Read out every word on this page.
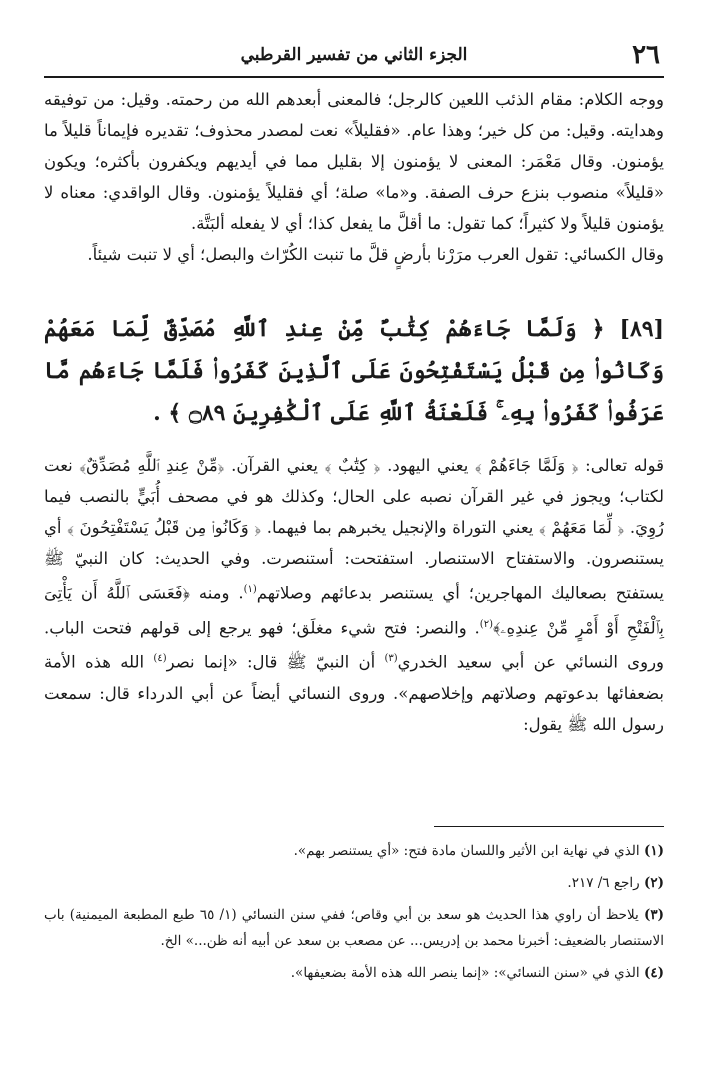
٢٦
الجزء الثاني من تفسير القرطبي

ووجه الكلام: مقام الذئب اللعين كالرجل؛ فالمعنى أبعدهم الله من رحمته. وقيل: من توفيقه وهدايته. وقيل: من كل خير؛ وهذا عام. «فقليلاً» نعت لمصدر محذوف؛ تقديره فإيماناً قليلاً ما يؤمنون. وقال مَعْمَر: المعنى لا يؤمنون إلا بقليل مما في أيديهم ويكفرون بأكثره؛ ويكون «قليلاً» منصوب بنزع حرف الصفة. و«ما» صلة؛ أي فقليلاً يؤمنون. وقال الواقدي: معناه لا يؤمنون قليلاً ولا كثيراً؛ كما تقول: ما أقلَّ ما يفعل كذا؛ أي لا يفعله ألبَتَّة.

وقال الكسائي: تقول العرب مرَرْنا بأرضٍ قلَّ ما تنبت الكُرّاث والبصل؛ أي لا تنبت شيئاً.

[٨٩] ﴿ وَلَمَّا جَاءَهُمْ كِتَٰبٌ مِّنْ عِندِ ٱللَّهِ مُصَدِّقٌ لِّمَا مَعَهُمْ وَكَانُوا۟ مِن قَبْلُ يَسْتَفْتِحُونَ عَلَى ٱلَّذِينَ كَفَرُوا۟ فَلَمَّا جَاءَهُم مَّا عَرَفُوا۟ كَفَرُوا۟ بِهِۦ ۚ فَلَعْنَةُ ٱللَّهِ عَلَى ٱلْكَٰفِرِينَ ۝٨٩ ﴾ .

قوله تعالى: ﴿ وَلَمَّا جَاءَهُمْ ﴾ يعني اليهود. ﴿ كِتَٰبٌ ﴾ يعني القرآن. ﴿مِّنْ عِندِ ٱللَّهِ مُصَدِّقٌ﴾ نعت لكتاب؛ ويجوز في غير القرآن نصبه على الحال؛ وكذلك هو في مصحف أُبَيٍّ بالنصب فيما رُوِيَ. ﴿ لِّمَا مَعَهُمْ ﴾ يعني التوراة والإنجيل يخبرهم بما فيهما. ﴿ وَكَانُوا۟ مِن قَبْلُ يَسْتَفْتِحُونَ ﴾ أي يستنصرون. والاستفتاح الاستنصار. استفتحت: أستنصرت. وفي الحديث: كان النبيّ ﷺ يستفتح بصعاليك المهاجرين؛ أي يستنصر بدعائهم وصلاتهم$^{(١)}$. ومنه ﴿فَعَسَى ٱللَّهُ أَن يَأْتِىَ بِٱلْفَتْحِ أَوْ أَمْرٍ مِّنْ عِندِهِۦ﴾$^{(٢)}$. والنصر: فتح شيء مغلَق؛ فهو يرجع إلى قولهم فتحت الباب. وروى النسائي عن أبي سعيد الخدري$^{(٣)}$ أن النبيّ ﷺ قال: «إنما نصر$^{(٤)}$ الله هذه الأمة بضعفائها بدعوتهم وصلاتهم وإخلاصهم». وروى النسائي أيضاً عن أبي الدرداء قال: سمعت رسول الله ﷺ يقول:

(١) الذي في نهاية ابن الأثير واللسان مادة فتح: «أي يستنصر بهم».

(٢) راجع ٦/ ٢١٧.

(٣) يلاحظ أن راوي هذا الحديث هو سعد بن أبي وقاص؛ ففي سنن النسائي (١/ ٦٥ طبع المطبعة الميمنية) باب الاستنصار بالضعيف: أخبرنا محمد بن إدريس... عن مصعب بن سعد عن أبيه أنه ظن...» الخ.

(٤) الذي في «سنن النسائي»: «إنما ينصر الله هذه الأمة بضعيفها».
